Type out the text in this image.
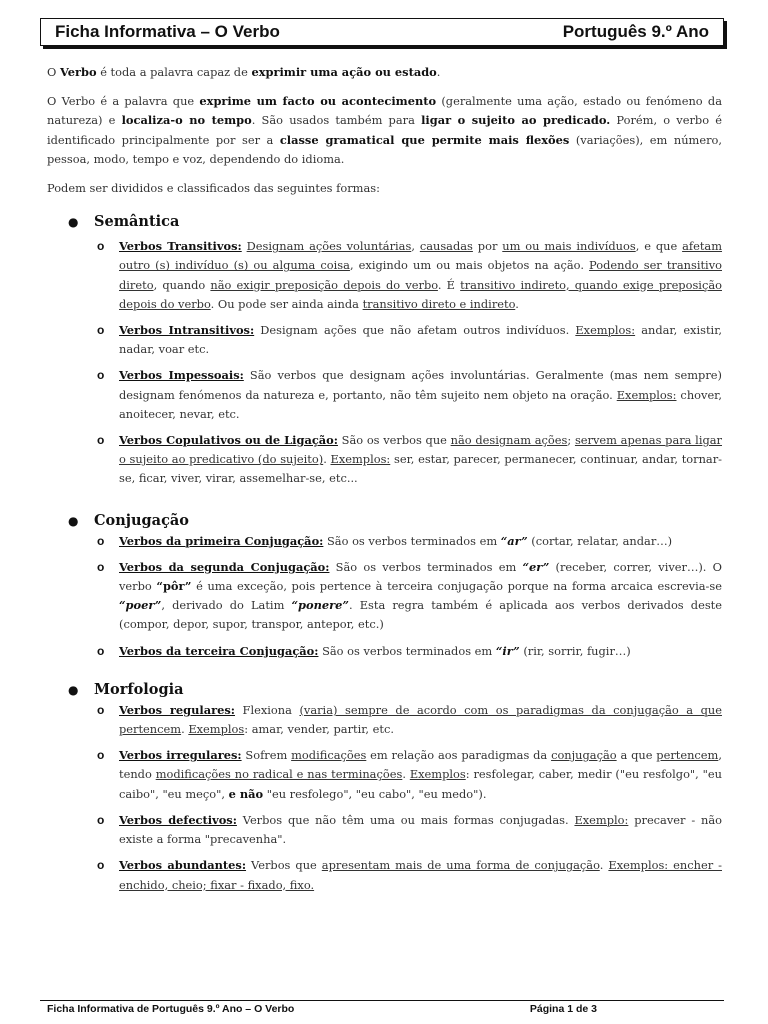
Ficha Informativa – O Verbo	Português 9.º Ano

O Verbo é toda a palavra capaz de exprimir uma ação ou estado.

O Verbo é a palavra que exprime um facto ou acontecimento (geralmente uma ação, estado ou fenómeno da natureza) e localiza-o no tempo. São usados também para ligar o sujeito ao predicado. Porém, o verbo é identificado principalmente por ser a classe gramatical que permite mais flexões (variações), em número, pessoa, modo, tempo e voz, dependendo do idioma.

Podem ser divididos e classificados das seguintes formas:

● Semântica
o Verbos Transitivos: Designam ações voluntárias, causadas por um ou mais indivíduos, e que afetam outro (s) indivíduo (s) ou alguma coisa, exigindo um ou mais objetos na ação. Podendo ser transitivo direto, quando não exigir preposição depois do verbo. É transitivo indireto, quando exige preposição depois do verbo. Ou pode ser ainda ainda transitivo direto e indireto.
o Verbos Intransitivos: Designam ações que não afetam outros indivíduos. Exemplos: andar, existir, nadar, voar etc.
o Verbos Impessoais: São verbos que designam ações involuntárias. Geralmente (mas nem sempre) designam fenómenos da natureza e, portanto, não têm sujeito nem objeto na oração. Exemplos: chover, anoitecer, nevar, etc.
o Verbos Copulativos ou de Ligação: São os verbos que não designam ações; servem apenas para ligar o sujeito ao predicativo (do sujeito). Exemplos: ser, estar, parecer, permanecer, continuar, andar, tornar-se, ficar, viver, virar, assemelhar-se, etc...
● Conjugação
o Verbos da primeira Conjugação: São os verbos terminados em “ar” (cortar, relatar, andar…)
o Verbos da segunda Conjugação: São os verbos terminados em “er” (receber, correr, viver…). O verbo “pôr” é uma exceção, pois pertence à terceira conjugação porque na forma arcaica escrevia-se “poer”, derivado do Latim “ponere”. Esta regra também é aplicada aos verbos derivados deste (compor, depor, supor, transpor, antepor, etc.)
o Verbos da terceira Conjugação: São os verbos terminados em “ir” (rir, sorrir, fugir…)
● Morfologia
o Verbos regulares: Flexiona (varia) sempre de acordo com os paradigmas da conjugação a que pertencem. Exemplos: amar, vender, partir, etc.
o Verbos irregulares: Sofrem modificações em relação aos paradigmas da conjugação a que pertencem, tendo modificações no radical e nas terminações. Exemplos: resfolegar, caber, medir ("eu resfolgo", "eu caibo", "eu meço", e não "eu resfolego", "eu cabo", "eu medo").
o Verbos defectivos: Verbos que não têm uma ou mais formas conjugadas. Exemplo: precaver - não existe a forma "precavenha".
o Verbos abundantes: Verbos que apresentam mais de uma forma de conjugação. Exemplos: encher - enchido, cheio; fixar - fixado, fixo.
Ficha Informativa de Português 9.º Ano – O Verbo	Página 1 de 3
